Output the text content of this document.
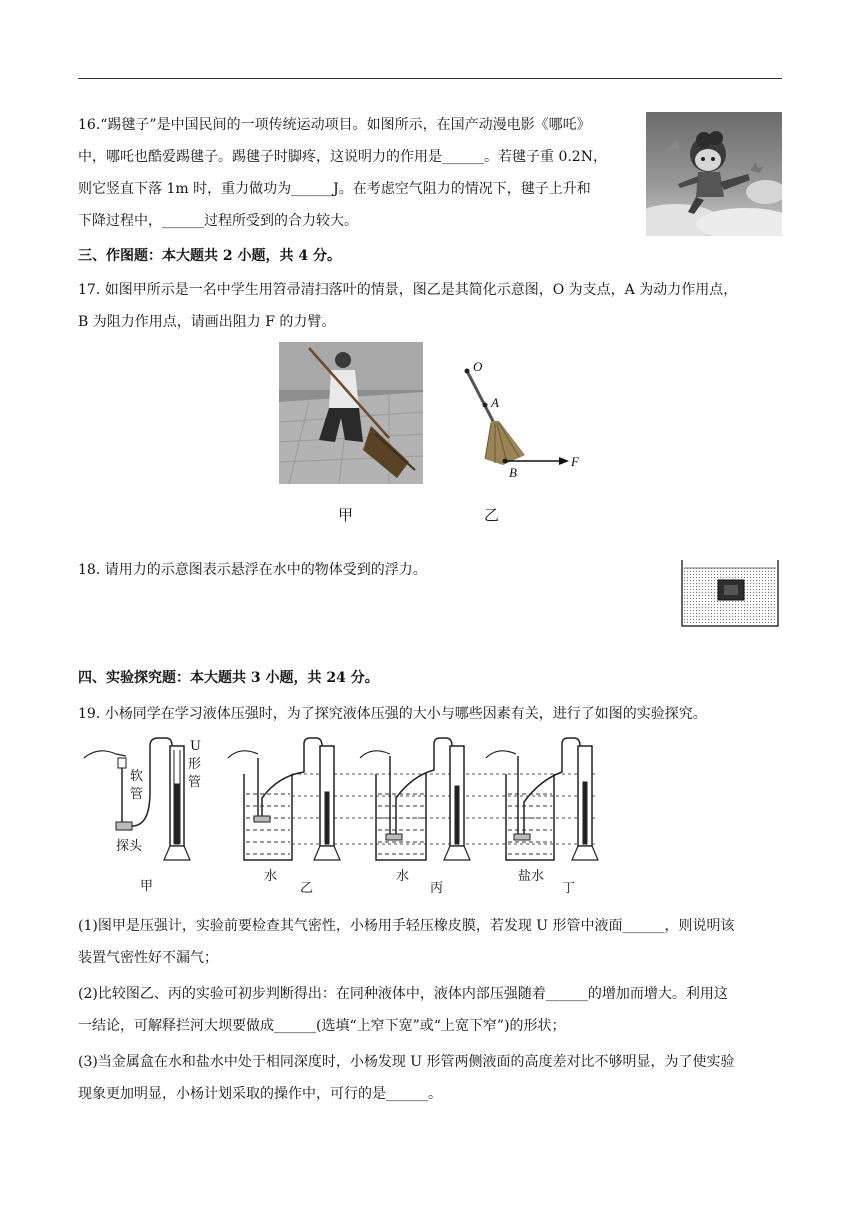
16.“踢毽子”是中国民间的一项传统运动项目。如图所示，在国产动漫电影《哪吒》
中，哪吒也酷爱踢毽子。踢毽子时脚疼，这说明力的作用是______。若毽子重 0.2N，
则它竖直下落 1m 时，重力做功为______J。在考虑空气阻力的情况下，毽子上升和
下降过程中，______过程所受到的合力较大。
三、作图题：本大题共 2 小题，共 4 分。
17. 如图甲所示是一名中学生用笤帚清扫落叶的情景，图乙是其简化示意图，O 为支点，A 为动力作用点，
B 为阻力作用点，请画出阻力 F 的力臂。
O
A
B
F
甲	乙
18. 请用力的示意图表示悬浮在水中的物体受到的浮力。
四、实验探究题：本大题共 3 小题，共 24 分。
19. 小杨同学在学习液体压强时，为了探究液体压强的大小与哪些因素有关，进行了如图的实验探究。
软
管
U
形
管
探头
甲
水
乙
水
丙
盐水
丁
(1)图甲是压强计，实验前要检查其气密性，小杨用手轻压橡皮膜，若发现 U 形管中液面______，则说明该
装置气密性好不漏气；
(2)比较图乙、丙的实验可初步判断得出：在同种液体中，液体内部压强随着______的增加而增大。利用这
一结论，可解释拦河大坝要做成______(选填“上窄下宽”或“上宽下窄”)的形状；
(3)当金属盒在水和盐水中处于相同深度时，小杨发现 U 形管两侧液面的高度差对比不够明显，为了使实验
现象更加明显，小杨计划采取的操作中，可行的是______。
